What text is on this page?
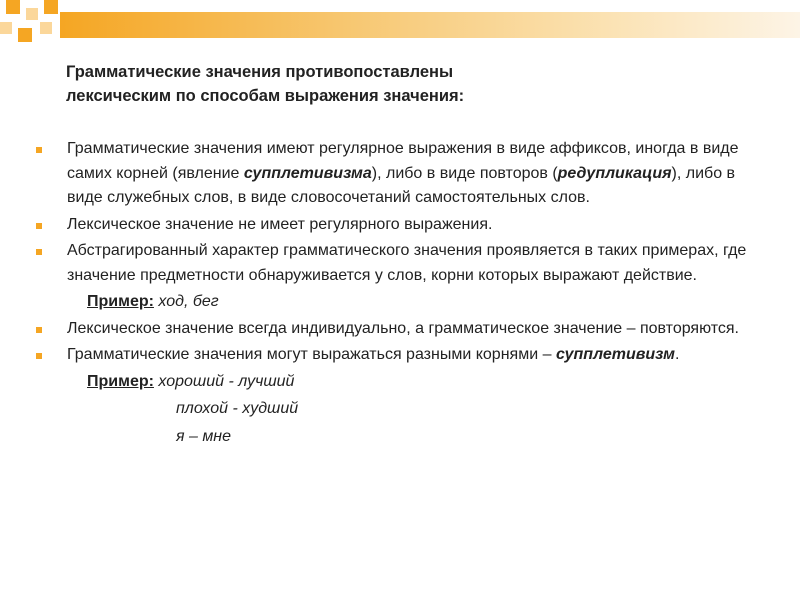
Грамматические значения противопоставлены
лексическим по способам выражения значения:
Грамматические значения имеют регулярное выражения в виде аффиксов, иногда в виде самих корней (явление супплетивизма), либо в виде повторов (редупликация), либо в виде служебных слов, в виде словосочетаний самостоятельных слов.
Лексическое значение не имеет регулярного выражения.
Абстрагированный характер грамматического значения проявляется в таких примерах, где значение предметности обнаруживается у слов, корни которых выражают действие.
Пример: ход, бег
Лексическое значение всегда индивидуально, а грамматическое значение – повторяются.
Грамматические значения могут выражаться разными корнями – супплетивизм.
Пример: хороший - лучший
плохой - худший
я – мне
